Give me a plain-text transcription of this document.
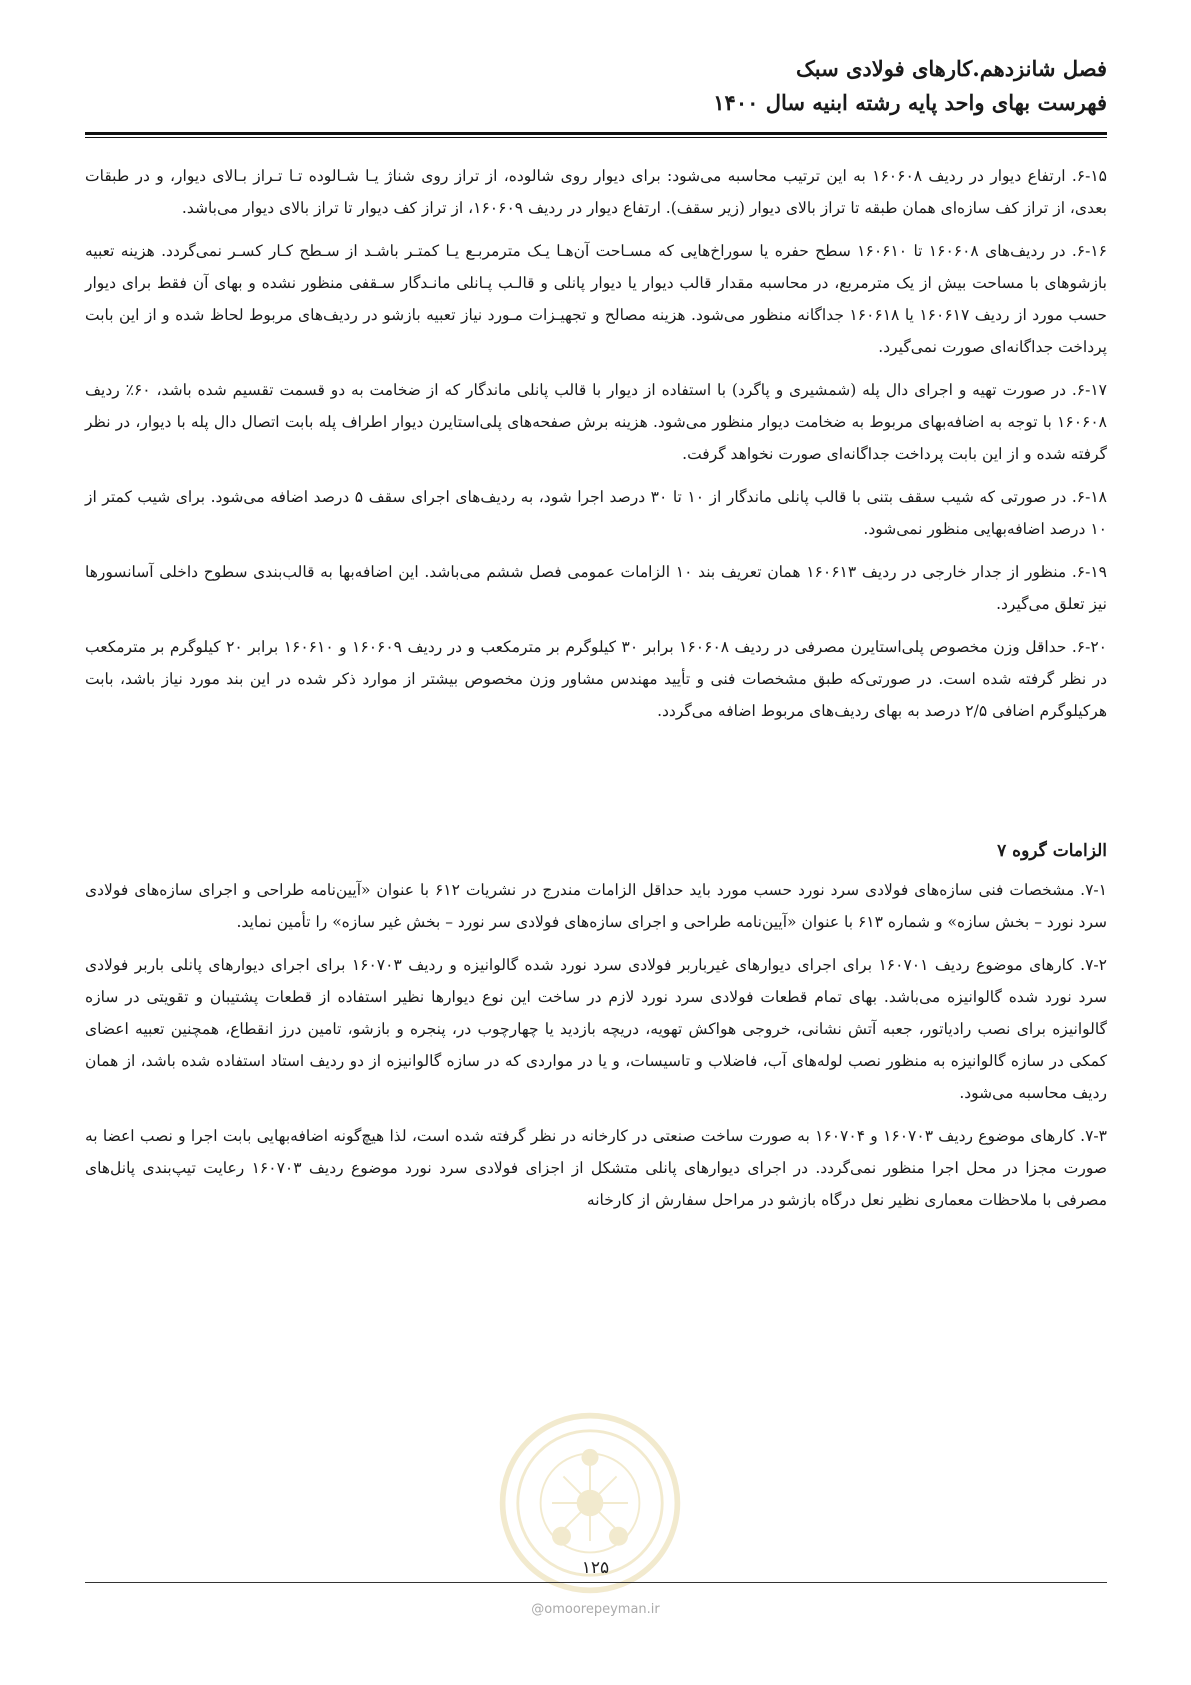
فصل شانزدهم.کارهای فولادی سبک
فهرست بهای واحد پایه رشته ابنیه سال ۱۴۰۰

۶-۱۵. ارتفاع دیوار در ردیف ۱۶۰۶۰۸ به این ترتیب محاسبه می‌شود: برای دیوار روی شالوده، از تراز روی شناژ یـا شـالوده تـا تـراز بـالای دیوار، و در طبقات بعدی، از تراز کف سازه‌ای همان طبقه تا تراز بالای دیوار (زیر سقف). ارتفاع دیوار در ردیف ۱۶۰۶۰۹، از تراز کف دیوار تا تراز بالای دیوار می‌باشد.

۶-۱۶. در ردیف‌های ۱۶۰۶۰۸ تا ۱۶۰۶۱۰ سطح حفره یا سوراخ‌هایی که مسـاحت آن‌هـا یـک مترمربـع یـا کمتـر باشـد از سـطح کـار کسـر نمی‌گردد. هزینه تعبیه بازشوهای با مساحت بیش از یک مترمربع، در محاسبه مقدار قالب دیوار یا دیوار پانلی و قالـب پـانلی مانـدگار سـقفی منظور نشده و بهای آن فقط برای دیوار حسب مورد از ردیف ۱۶۰۶۱۷ یا ۱۶۰۶۱۸ جداگانه منظور می‌شود. هزینه مصالح و تجهیـزات مـورد نیاز تعبیه بازشو در ردیف‌های مربوط لحاظ شده و از این بابت پرداخت جداگانه‌ای صورت نمی‌گیرد.

۶-۱۷. در صورت تهیه و اجرای دال پله (شمشیری و پاگرد) با استفاده از دیوار با قالب پانلی ماندگار که از ضخامت به دو قسمت تقسیم شده باشد، ۶۰٪ ردیف ۱۶۰۶۰۸ با توجه به اضافه‌بهای مربوط به ضخامت دیوار منظور می‌شود. هزینه برش صفحه‌های پلی‌استایرن دیوار اطراف پله بابت اتصال دال پله با دیوار، در نظر گرفته شده و از این بابت پرداخت جداگانه‌ای صورت نخواهد گرفت.

۶-۱۸. در صورتی که شیب سقف بتنی با قالب پانلی ماندگار از ۱۰ تا ۳۰ درصد اجرا شود، به ردیف‌های اجرای سقف ۵ درصد اضافه می‌شود. برای شیب کمتر از ۱۰ درصد اضافه‌بهایی منظور نمی‌شود.

۶-۱۹. منظور از جدار خارجی در ردیف ۱۶۰۶۱۳ همان تعریف بند ۱۰ الزامات عمومی فصل ششم می‌باشد. این اضافه‌بها به قالب‌بندی سطوح داخلی آسانسورها نیز تعلق می‌گیرد.

۶-۲۰. حداقل وزن مخصوص پلی‌استایرن مصرفی در ردیف ۱۶۰۶۰۸ برابر ۳۰ کیلوگرم بر مترمکعب و در ردیف ۱۶۰۶۰۹ و ۱۶۰۶۱۰ برابر ۲۰ کیلوگرم بر مترمکعب در نظر گرفته شده است. در صورتی‌که طبق مشخصات فنی و تأیید مهندس مشاور وزن مخصوص بیشتر از موارد ذکر شده در این بند مورد نیاز باشد، بابت هرکیلوگرم اضافی ۲/۵ درصد به بهای ردیف‌های مربوط اضافه می‌گردد.

الزامات گروه ۷

۷-۱. مشخصات فنی سازه‌های فولادی سرد نورد حسب مورد باید حداقل الزامات مندرج در نشریات ۶۱۲ با عنوان «آیین‌نامه طراحی و اجرای سازه‌های فولادی سرد نورد – بخش سازه» و شماره ۶۱۳ با عنوان «آیین‌نامه طراحی و اجرای سازه‌های فولادی سر نورد – بخش غیر سازه» را تأمین نماید.

۷-۲. کارهای موضوع ردیف ۱۶۰۷۰۱ برای اجرای دیوارهای غیرباربر فولادی سرد نورد شده گالوانیزه و ردیف ۱۶۰۷۰۳ برای اجرای دیوارهای پانلی باربر فولادی سرد نورد شده گالوانیزه می‌باشد. بهای تمام قطعات فولادی سرد نورد لازم در ساخت این نوع دیوارها نظیر استفاده از قطعات پشتیبان و تقویتی در سازه گالوانیزه برای نصب رادیاتور، جعبه آتش نشانی، خروجی هواکش تهویه، دریچه بازدید یا چهارچوب در، پنجره و بازشو، تامین درز انقطاع، همچنین تعبیه اعضای کمکی در سازه گالوانیزه به منظور نصب لوله‌های آب، فاضلاب و تاسیسات، و یا در مواردی که در سازه گالوانیزه از دو ردیف استاد استفاده شده باشد، از همان ردیف محاسبه می‌شود.

۷-۳. کارهای موضوع ردیف ۱۶۰۷۰۳ و ۱۶۰۷۰۴ به صورت ساخت صنعتی در کارخانه در نظر گرفته شده است، لذا هیچ‌گونه اضافه‌بهایی بابت اجرا و نصب اعضا به صورت مجزا در محل اجرا منظور نمی‌گردد. در اجرای دیوارهای پانلی متشکل از اجزای فولادی سرد نورد موضوع ردیف ۱۶۰۷۰۳ رعایت تیپ‌بندی پانل‌های مصرفی با ملاحظات معماری نظیر نعل درگاه بازشو در مراحل سفارش از کارخانه

۱۲۵
@omoorepeyman.ir
